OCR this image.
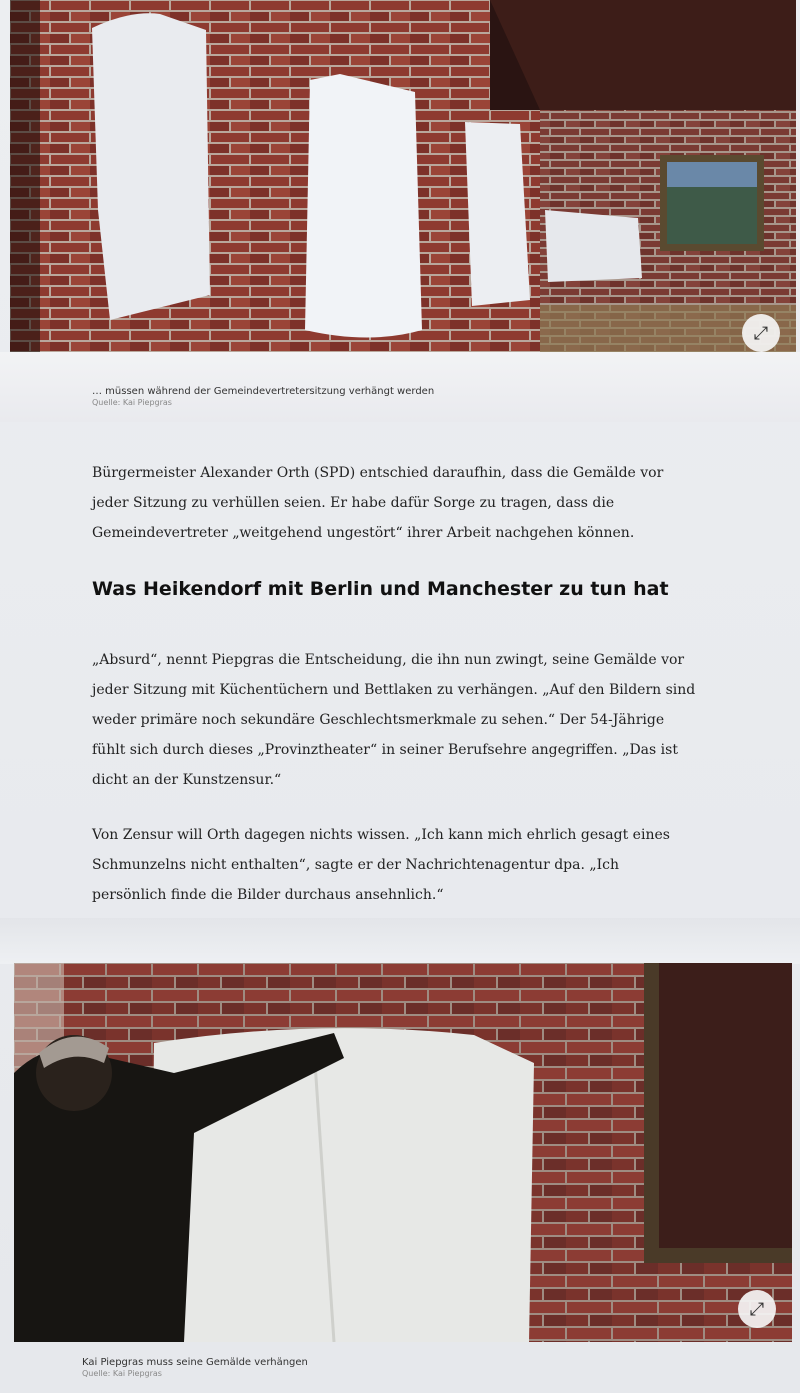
⤢
… müssen während der Gemeindevertretersitzung verhängt werden
Quelle: Kai Piepgras
Bürgermeister Alexander Orth (SPD) entschied daraufhin, dass die Gemälde vor
jeder Sitzung zu verhüllen seien. Er habe dafür Sorge zu tragen, dass die
Gemeindevertreter „weitgehend ungestört“ ihrer Arbeit nachgehen können.
Was Heikendorf mit Berlin und Manchester zu tun hat
„Absurd“, nennt Piepgras die Entscheidung, die ihn nun zwingt, seine Gemälde vor
jeder Sitzung mit Küchentüchern und Bettlaken zu verhängen. „Auf den Bildern sind
weder primäre noch sekundäre Geschlechtsmerkmale zu sehen.“ Der 54-Jährige
fühlt sich durch dieses „Provinztheater“ in seiner Berufsehre angegriffen. „Das ist
dicht an der Kunstzensur.“
Von Zensur will Orth dagegen nichts wissen. „Ich kann mich ehrlich gesagt eines
Schmunzelns nicht enthalten“, sagte er der Nachrichtenagentur dpa. „Ich
persönlich finde die Bilder durchaus ansehnlich.“
⤢
Kai Piepgras muss seine Gemälde verhängen
Quelle: Kai Piepgras
